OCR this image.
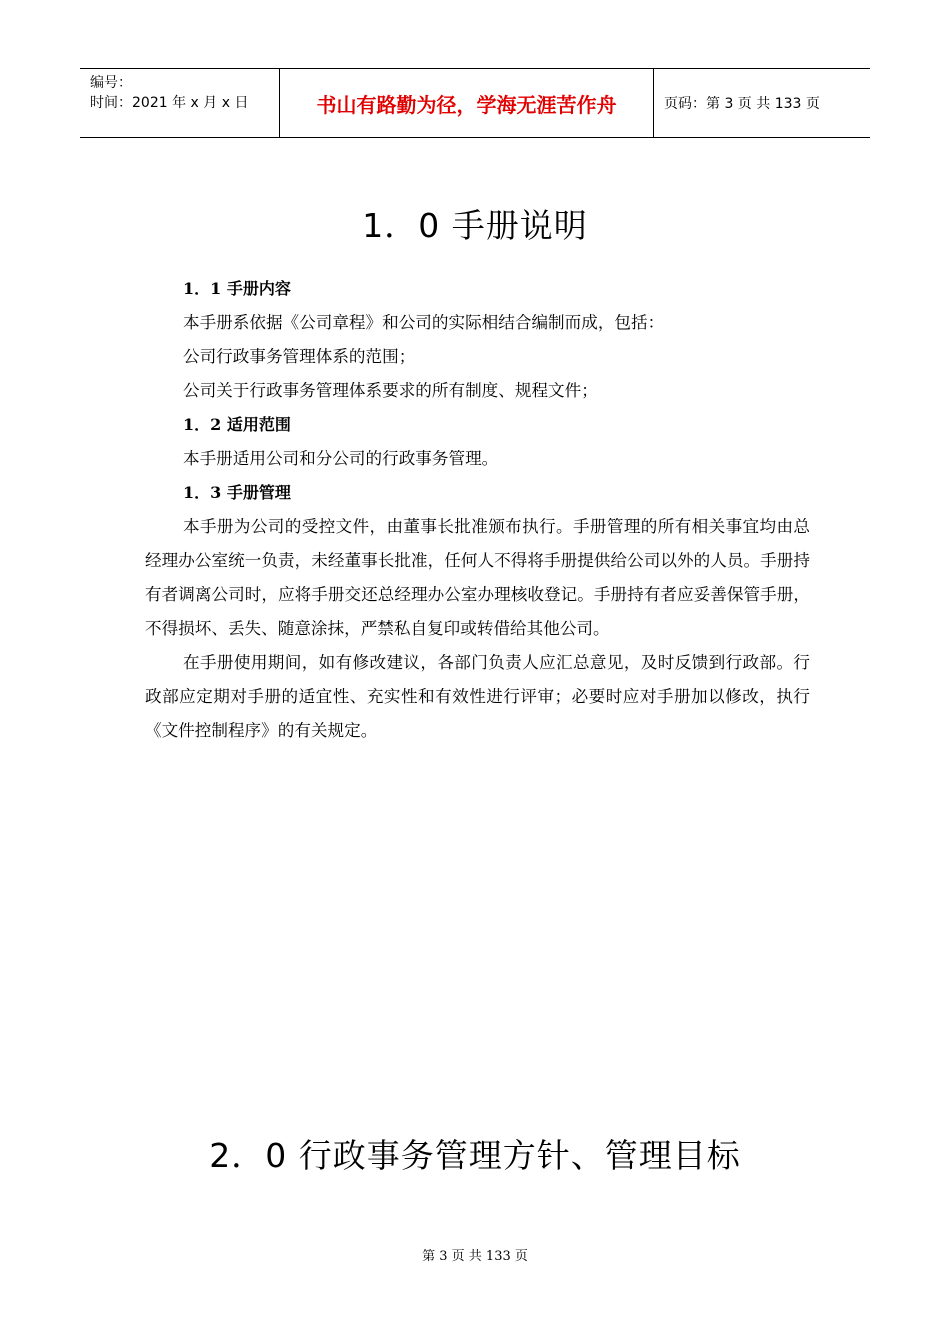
编号：
时间：2021 年 x 月 x 日	书山有路勤为径，学海无涯苦作舟	页码：第 3 页 共 133 页
1．0 手册说明
1．1 手册内容
本手册系依据《公司章程》和公司的实际相结合编制而成，包括：
公司行政事务管理体系的范围；
公司关于行政事务管理体系要求的所有制度、规程文件；
1．2 适用范围
本手册适用公司和分公司的行政事务管理。
1．3 手册管理
本手册为公司的受控文件，由董事长批准颁布执行。手册管理的所有相关事宜均由总经理办公室统一负责，未经董事长批准，任何人不得将手册提供给公司以外的人员。手册持有者调离公司时，应将手册交还总经理办公室办理核收登记。手册持有者应妥善保管手册，不得损坏、丢失、随意涂抹，严禁私自复印或转借给其他公司。
在手册使用期间，如有修改建议，各部门负责人应汇总意见，及时反馈到行政部。行政部应定期对手册的适宜性、充实性和有效性进行评审；必要时应对手册加以修改，执行《文件控制程序》的有关规定。
2．0 行政事务管理方针、管理目标
第 3 页 共 133 页
